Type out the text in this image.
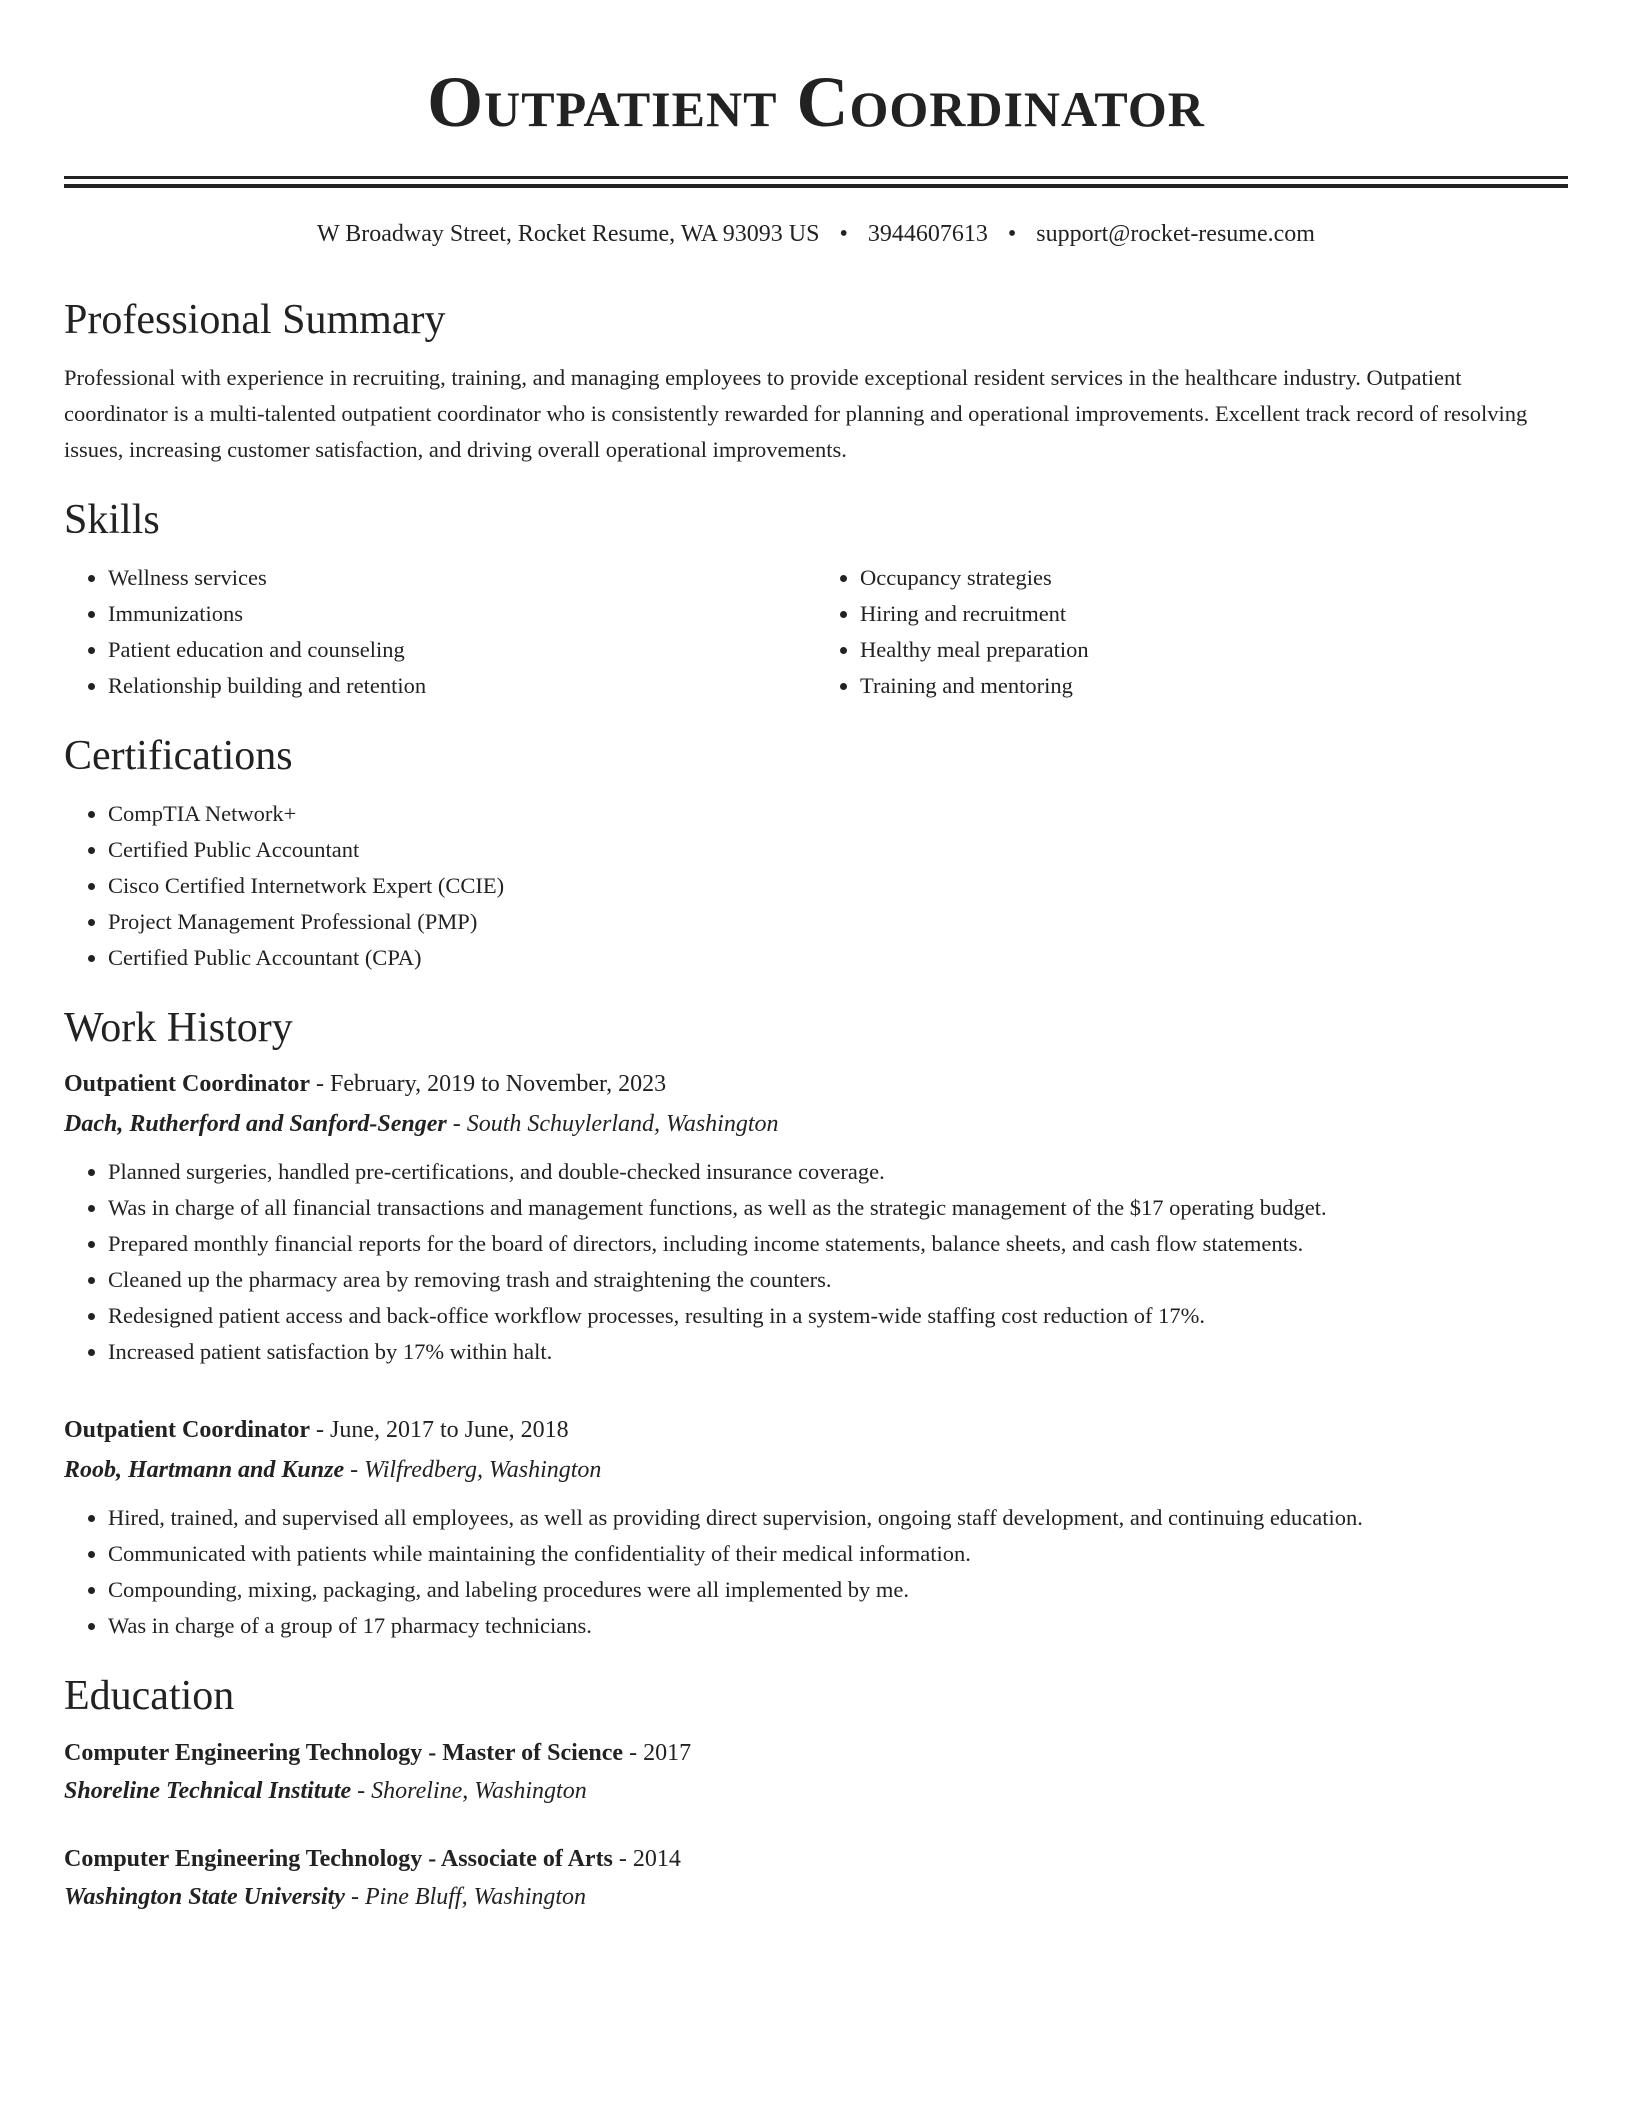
Outpatient Coordinator
W Broadway Street, Rocket Resume, WA 93093 US • 3944607613 • support@rocket-resume.com
Professional Summary

Professional with experience in recruiting, training, and managing employees to provide exceptional resident services in the healthcare industry. Outpatient coordinator is a multi-talented outpatient coordinator who is consistently rewarded for planning and operational improvements. Excellent track record of resolving issues, increasing customer satisfaction, and driving overall operational improvements.

Skills
• Wellness services
• Immunizations
• Patient education and counseling
• Relationship building and retention
• Occupancy strategies
• Hiring and recruitment
• Healthy meal preparation
• Training and mentoring
Certifications
• CompTIA Network+
• Certified Public Accountant
• Cisco Certified Internetwork Expert (CCIE)
• Project Management Professional (PMP)
• Certified Public Accountant (CPA)
Work History
Outpatient Coordinator - February, 2019 to November, 2023
Dach, Rutherford and Sanford-Senger - South Schuylerland, Washington
• Planned surgeries, handled pre-certifications, and double-checked insurance coverage.
• Was in charge of all financial transactions and management functions, as well as the strategic management of the $17 operating budget.
• Prepared monthly financial reports for the board of directors, including income statements, balance sheets, and cash flow statements.
• Cleaned up the pharmacy area by removing trash and straightening the counters.
• Redesigned patient access and back-office workflow processes, resulting in a system-wide staffing cost reduction of 17%.
• Increased patient satisfaction by 17% within halt.
Outpatient Coordinator - June, 2017 to June, 2018
Roob, Hartmann and Kunze - Wilfredberg, Washington
• Hired, trained, and supervised all employees, as well as providing direct supervision, ongoing staff development, and continuing education.
• Communicated with patients while maintaining the confidentiality of their medical information.
• Compounding, mixing, packaging, and labeling procedures were all implemented by me.
• Was in charge of a group of 17 pharmacy technicians.
Education
Computer Engineering Technology - Master of Science - 2017
Shoreline Technical Institute - Shoreline, Washington
Computer Engineering Technology - Associate of Arts - 2014
Washington State University - Pine Bluff, Washington
